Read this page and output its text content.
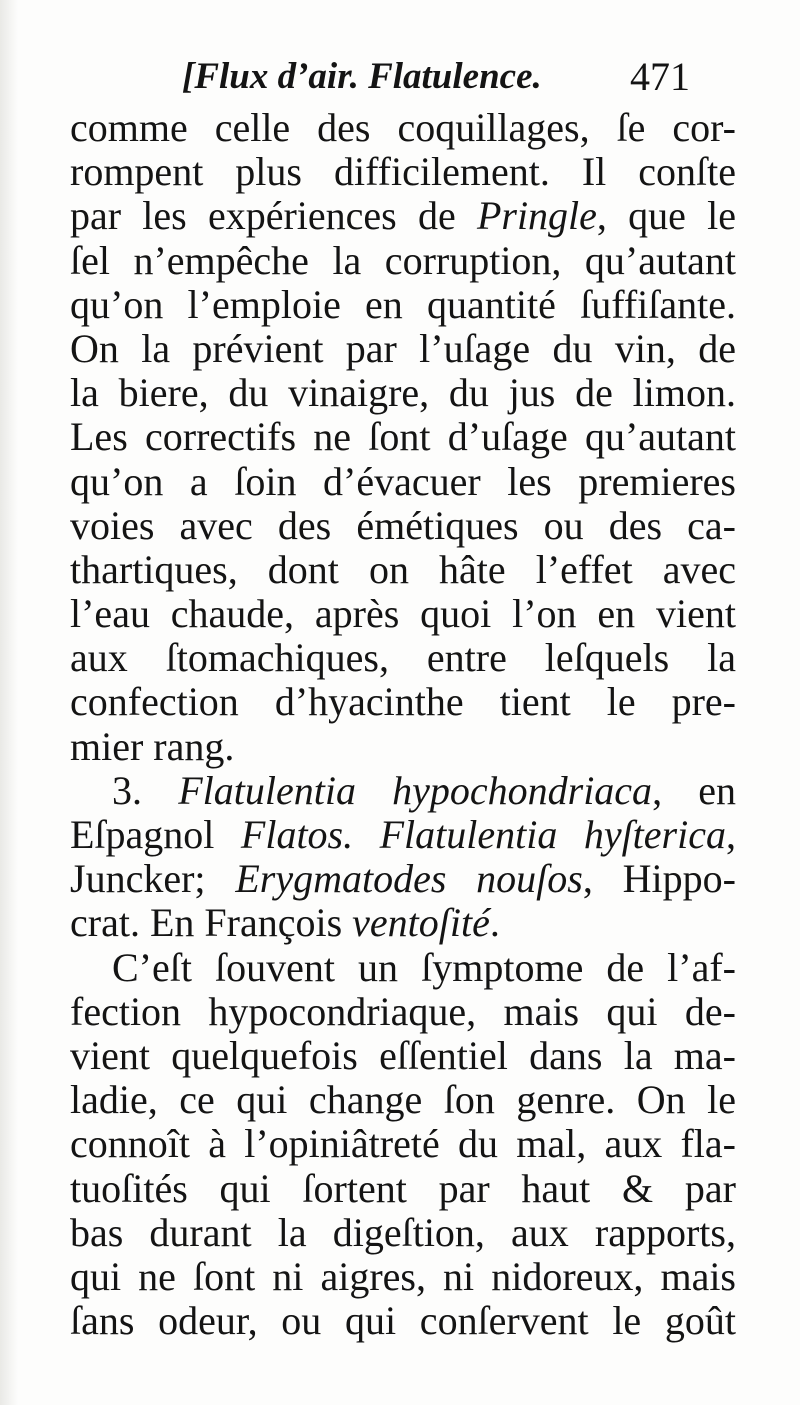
[Flux d’air. Flatulence. 471
comme celle des coquillages, ſe cor-
rompent plus difficilement. Il conſte
par les expériences de Pringle, que le
ſel n’empêche la corruption, qu’autant
qu’on l’emploie en quantité ſuffiſante.
On la prévient par l’uſage du vin, de
la biere, du vinaigre, du jus de limon.
Les correctifs ne ſont d’uſage qu’autant
qu’on a ſoin d’évacuer les premieres
voies avec des émétiques ou des ca-
thartiques, dont on hâte l’effet avec
l’eau chaude, après quoi l’on en vient
aux ſtomachiques, entre leſquels la
confection d’hyacinthe tient le pre-
mier rang.
3. Flatulentia hypochondriaca, en
Eſpagnol Flatos. Flatulentia hyſterica,
Juncker; Erygmatodes nouſos, Hippo-
crat. En François ventoſité.
C’eſt ſouvent un ſymptome de l’af-
fection hypocondriaque, mais qui de-
vient quelquefois eſſentiel dans la ma-
ladie, ce qui change ſon genre. On le
connoît à l’opiniâtreté du mal, aux fla-
tuoſités qui ſortent par haut & par
bas durant la digeſtion, aux rapports,
qui ne ſont ni aigres, ni nidoreux, mais
ſans odeur, ou qui conſervent le goût
